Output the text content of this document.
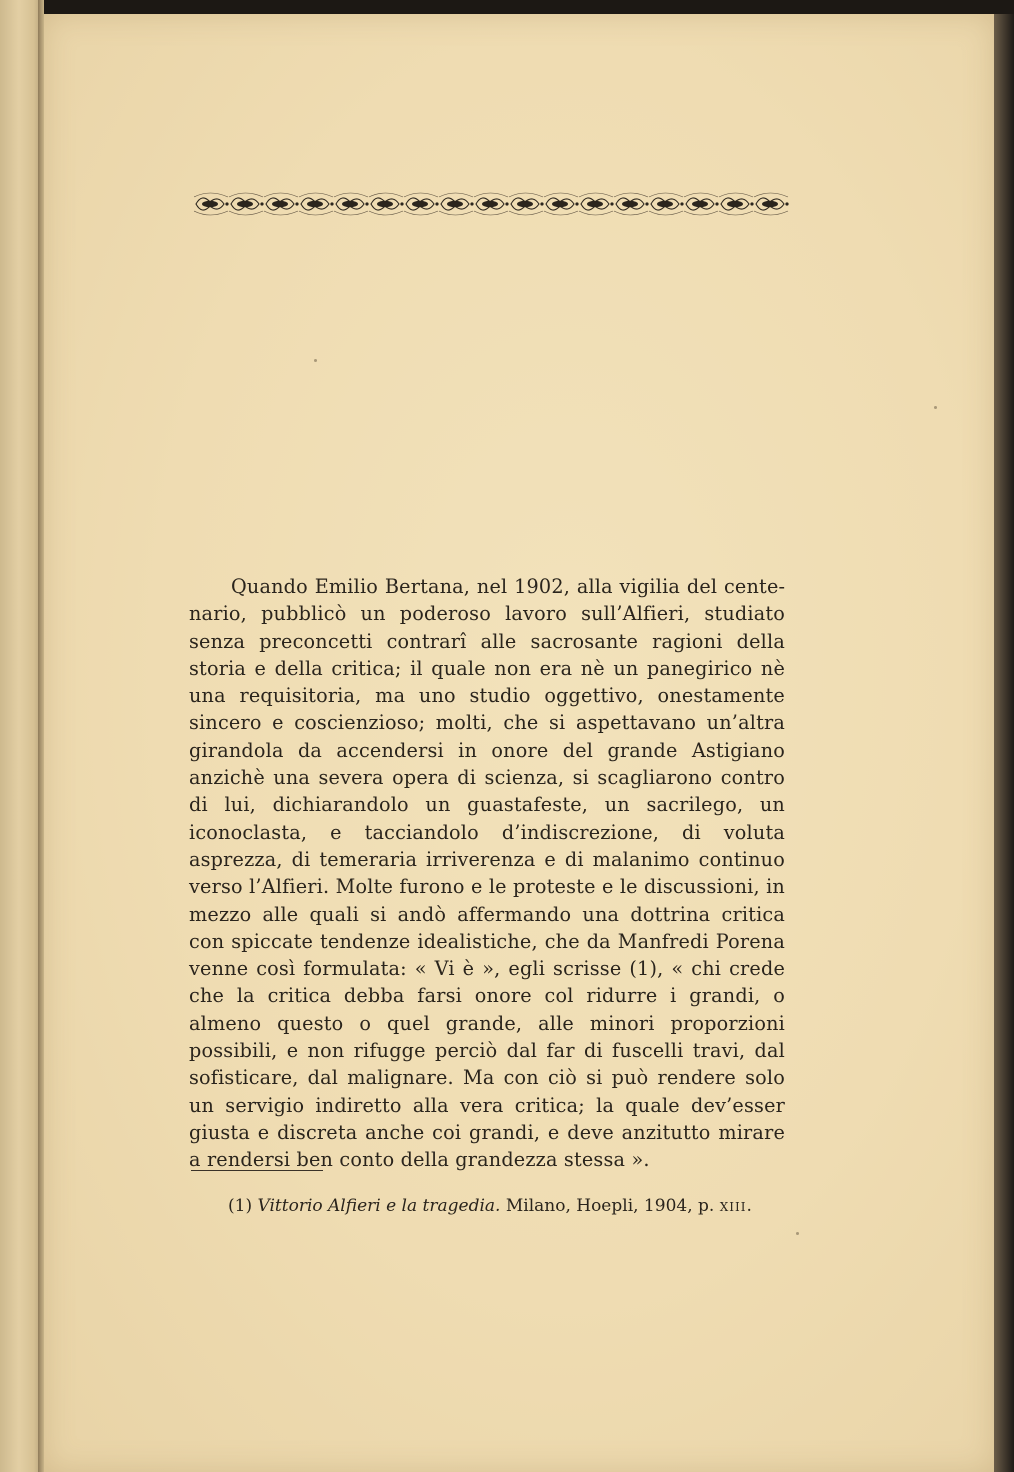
Quando Emilio Bertana, nel 1902, alla vigilia del centenario, pubblicò un poderoso lavoro sull’Alfieri, studiato senza preconcetti contrarî alle sacrosante ragioni della storia e della critica; il quale non era nè un panegirico nè una requisitoria, ma uno studio oggettivo, onestamente sincero e coscienzioso; molti, che si aspettavano un’altra girandola da accendersi in onore del grande Astigiano anzichè una severa opera di scienza, si scagliarono contro di lui, dichiarandolo un guastafeste, un sacrilego, un iconoclasta, e tacciandolo d’indiscrezione, di voluta asprezza, di temeraria irriverenza e di malanimo continuo verso l’Alfieri. Molte furono e le proteste e le discussioni, in mezzo alle quali si andò affermando una dottrina critica con spiccate tendenze idealistiche, che da Manfredi Porena venne così formulata: « Vi è », egli scrisse (1), « chi crede che la critica debba farsi onore col ridurre i grandi, o almeno questo o quel grande, alle minori proporzioni possibili, e non rifugge perciò dal far di fuscelli travi, dal sofisticare, dal malignare. Ma con ciò si può rendere solo un servigio indiretto alla vera critica; la quale dev’esser giusta e discreta anche coi grandi, e deve anzitutto mirare a rendersi ben conto della grandezza stessa ».

(1) Vittorio Alfieri e la tragedia. Milano, Hoepli, 1904, p. xiii.
